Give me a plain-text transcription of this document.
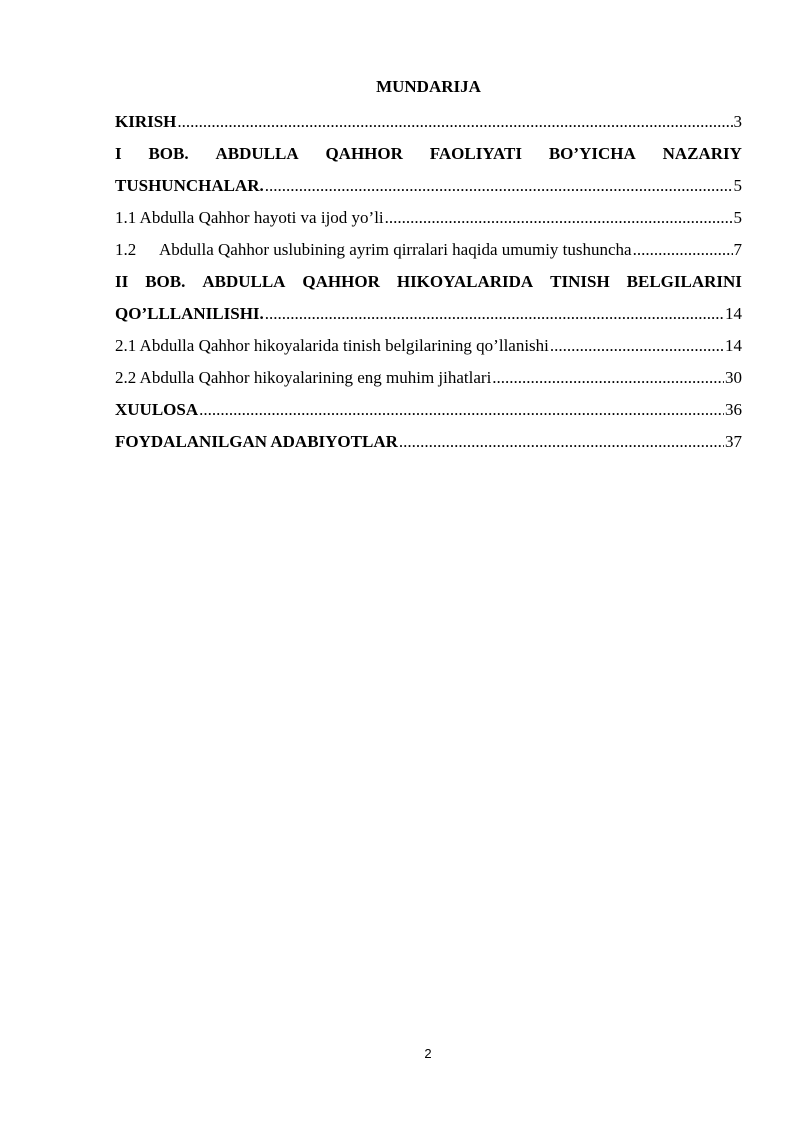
MUNDARIJA
KIRISH .....	3
I BOB. ABDULLA QAHHOR FAOLIYATI BO’YICHA NAZARIY
TUSHUNCHALAR. .....	5
1.1 Abdulla Qahhor hayoti va ijod yo’li .....	5
1.2	Abdulla Qahhor uslubining ayrim qirralari haqida umumiy tushuncha .....	7
II BOB. ABDULLA QAHHOR HIKOYALARIDA TINISH BELGILARINI
QO’LLLANILISHI. .....	14
2.1 Abdulla Qahhor hikoyalarida tinish belgilarining qo’llanishi .....	14
2.2 Abdulla Qahhor hikoyalarining eng muhim jihatlari .....	30
XUULOSA .....	36
FOYDALANILGAN ADABIYOTLAR .....	37
2
